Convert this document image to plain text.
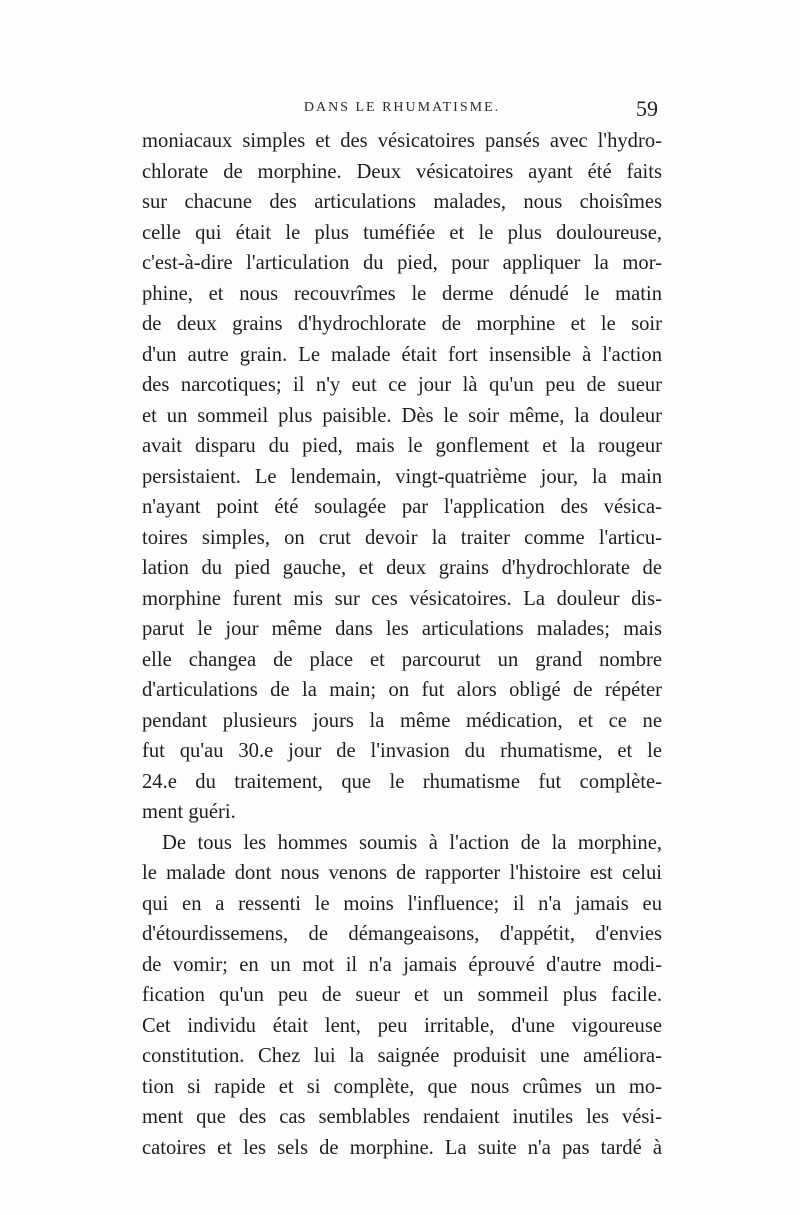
DANS LE RHUMATISME.	59
moniacaux simples et des vésicatoires pansés avec l'hydro-
chlorate de morphine. Deux vésicatoires ayant été faits
sur chacune des articulations malades, nous choisîmes
celle qui était le plus tuméfiée et le plus douloureuse,
c'est-à-dire l'articulation du pied, pour appliquer la mor-
phine, et nous recouvrîmes le derme dénudé le matin
de deux grains d'hydrochlorate de morphine et le soir
d'un autre grain. Le malade était fort insensible à l'action
des narcotiques; il n'y eut ce jour là qu'un peu de sueur
et un sommeil plus paisible. Dès le soir même, la douleur
avait disparu du pied, mais le gonflement et la rougeur
persistaient. Le lendemain, vingt-quatrième jour, la main
n'ayant point été soulagée par l'application des vésica-
toires simples, on crut devoir la traiter comme l'articu-
lation du pied gauche, et deux grains d'hydrochlorate de
morphine furent mis sur ces vésicatoires. La douleur dis-
parut le jour même dans les articulations malades; mais
elle changea de place et parcourut un grand nombre
d'articulations de la main; on fut alors obligé de répéter
pendant plusieurs jours la même médication, et ce ne
fut qu'au 30.e jour de l'invasion du rhumatisme, et le
24.e du traitement, que le rhumatisme fut complète-
ment guéri.
De tous les hommes soumis à l'action de la morphine,
le malade dont nous venons de rapporter l'histoire est celui
qui en a ressenti le moins l'influence; il n'a jamais eu
d'étourdissemens, de démangeaisons, d'appétit, d'envies
de vomir; en un mot il n'a jamais éprouvé d'autre modi-
fication qu'un peu de sueur et un sommeil plus facile.
Cet individu était lent, peu irritable, d'une vigoureuse
constitution. Chez lui la saignée produisit une améliora-
tion si rapide et si complète, que nous crûmes un mo-
ment que des cas semblables rendaient inutiles les vési-
catoires et les sels de morphine. La suite n'a pas tardé à
